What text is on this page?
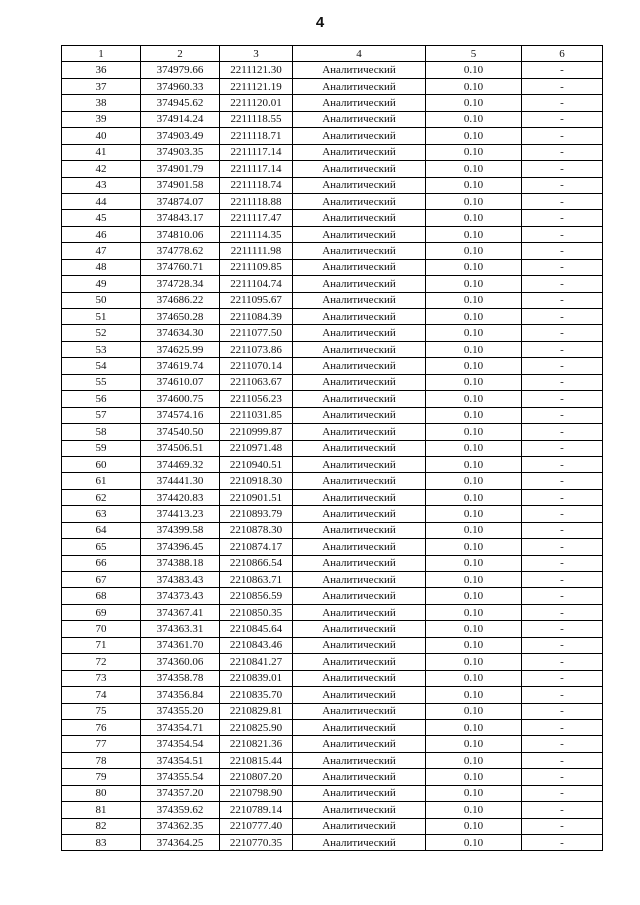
4
1	2	3	4	5	6
36	374979.66	2211121.30	Аналитический	0.10	-
37	374960.33	2211121.19	Аналитический	0.10	-
38	374945.62	2211120.01	Аналитический	0.10	-
39	374914.24	2211118.55	Аналитический	0.10	-
40	374903.49	2211118.71	Аналитический	0.10	-
41	374903.35	2211117.14	Аналитический	0.10	-
42	374901.79	2211117.14	Аналитический	0.10	-
43	374901.58	2211118.74	Аналитический	0.10	-
44	374874.07	2211118.88	Аналитический	0.10	-
45	374843.17	2211117.47	Аналитический	0.10	-
46	374810.06	2211114.35	Аналитический	0.10	-
47	374778.62	2211111.98	Аналитический	0.10	-
48	374760.71	2211109.85	Аналитический	0.10	-
49	374728.34	2211104.74	Аналитический	0.10	-
50	374686.22	2211095.67	Аналитический	0.10	-
51	374650.28	2211084.39	Аналитический	0.10	-
52	374634.30	2211077.50	Аналитический	0.10	-
53	374625.99	2211073.86	Аналитический	0.10	-
54	374619.74	2211070.14	Аналитический	0.10	-
55	374610.07	2211063.67	Аналитический	0.10	-
56	374600.75	2211056.23	Аналитический	0.10	-
57	374574.16	2211031.85	Аналитический	0.10	-
58	374540.50	2210999.87	Аналитический	0.10	-
59	374506.51	2210971.48	Аналитический	0.10	-
60	374469.32	2210940.51	Аналитический	0.10	-
61	374441.30	2210918.30	Аналитический	0.10	-
62	374420.83	2210901.51	Аналитический	0.10	-
63	374413.23	2210893.79	Аналитический	0.10	-
64	374399.58	2210878.30	Аналитический	0.10	-
65	374396.45	2210874.17	Аналитический	0.10	-
66	374388.18	2210866.54	Аналитический	0.10	-
67	374383.43	2210863.71	Аналитический	0.10	-
68	374373.43	2210856.59	Аналитический	0.10	-
69	374367.41	2210850.35	Аналитический	0.10	-
70	374363.31	2210845.64	Аналитический	0.10	-
71	374361.70	2210843.46	Аналитический	0.10	-
72	374360.06	2210841.27	Аналитический	0.10	-
73	374358.78	2210839.01	Аналитический	0.10	-
74	374356.84	2210835.70	Аналитический	0.10	-
75	374355.20	2210829.81	Аналитический	0.10	-
76	374354.71	2210825.90	Аналитический	0.10	-
77	374354.54	2210821.36	Аналитический	0.10	-
78	374354.51	2210815.44	Аналитический	0.10	-
79	374355.54	2210807.20	Аналитический	0.10	-
80	374357.20	2210798.90	Аналитический	0.10	-
81	374359.62	2210789.14	Аналитический	0.10	-
82	374362.35	2210777.40	Аналитический	0.10	-
83	374364.25	2210770.35	Аналитический	0.10	-
